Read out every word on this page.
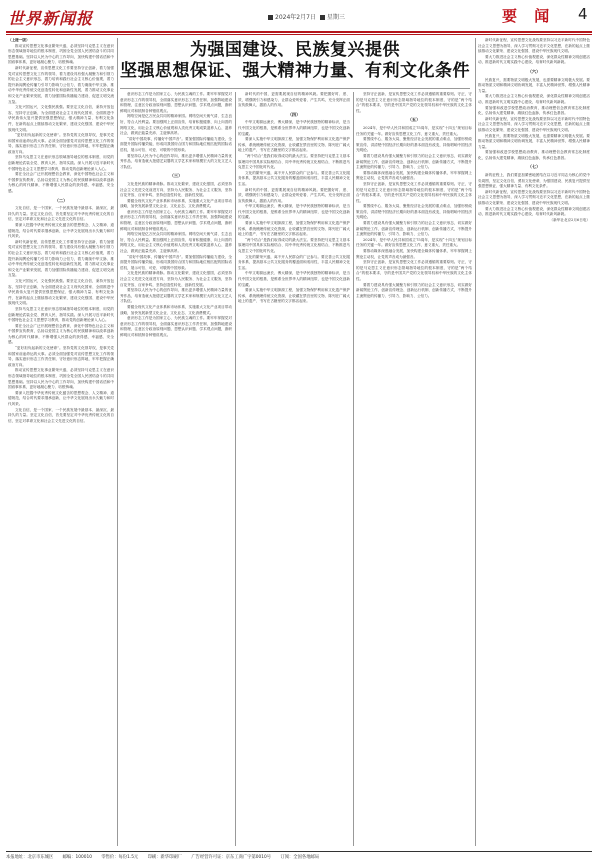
世界新闻报	2024年2月7日 星期三	要 闻 4
为强国建设、民族复兴提供
坚强思想保证、强大精神力量、有利文化条件

（上接一版）

推动宣传思想文化事业繁荣兴盛，必须坚持马克思主义在意识形态领域指导地位的根本制度，巩固全党全国人民团结奋斗的共同思想基础。坚持以人民为中心的工作导向，加快构建中国话语和中国叙事体系，更好地凝心聚力、培根铸魂。

新时代新征程，宣传思想文化工作要坚持守正创新，着力加强党对宣传思想文化工作的领导，着力建设具有强大凝聚力和引领力的社会主义意识形态，着力培育和践行社会主义核心价值观，着力提升新闻舆论传播力引导力影响力公信力，着力赓续中华文脉、推动中华优秀传统文化创造性转化和创新性发展，着力推动文化事业和文化产业繁荣发展，着力加强国际传播能力建设、促进文明交流互鉴。

文化兴国运兴，文化强民族强。要坚定文化自信，秉持开放包容，坚持守正创新，为全面建设社会主义现代化国家、全面推进中华民族伟大复兴提供坚强思想保证、强大精神力量、有利文化条件，在新的起点上继续推动文化繁荣、建设文化强国、建设中华民族现代文明。

“更好担负起新的文化使命”。坚持党的文化领导权，是事关党和国家前途命运的大事。必须全面加强党对宣传思想文化工作的领导，落实意识形态工作责任制，守好意识形态阵地，牢牢把握正确政治方向。

坚持马克思主义在意识形态领域指导地位的根本制度，用党的创新理论武装全党、教育人民、指导实践。深入开展习近平新时代中国特色社会主义思想学习教育，推动党的创新理论深入人心。

要在全社会广泛开展理想信念教育，深化中国特色社会主义和中国梦宣传教育，弘扬以爱国主义为核心的民族精神和以改革创新为核心的时代精神，不断增强人民群众的获得感、幸福感、安全感。

（二）

文化自信，是一个国家、一个民族发展中最基本、最深沉、最持久的力量。坚定文化自信，首先要坚定对中华优秀传统文化的自信，坚定对革命文化和社会主义先进文化的自信。

要深入挖掘中华优秀传统文化蕴含的思想观念、人文精神、道德规范，结合时代要求继承创新，让中华文化展现出永久魅力和时代风采。

新时代新征程，宣传思想文化工作要坚持守正创新，着力加强党对宣传思想文化工作的领导，着力建设具有强大凝聚力和引领力的社会主义意识形态，着力培育和践行社会主义核心价值观，着力提升新闻舆论传播力引导力影响力公信力，着力赓续中华文脉、推动中华优秀传统文化创造性转化和创新性发展，着力推动文化事业和文化产业繁荣发展，着力加强国际传播能力建设、促进文明交流互鉴。

文化兴国运兴，文化强民族强。要坚定文化自信，秉持开放包容，坚持守正创新，为全面建设社会主义现代化国家、全面推进中华民族伟大复兴提供坚强思想保证、强大精神力量、有利文化条件，在新的起点上继续推动文化繁荣、建设文化强国、建设中华民族现代文明。

坚持马克思主义在意识形态领域指导地位的根本制度，用党的创新理论武装全党、教育人民、指导实践。深入开展习近平新时代中国特色社会主义思想学习教育，推动党的创新理论深入人心。

要在全社会广泛开展理想信念教育，深化中国特色社会主义和中国梦宣传教育，弘扬以爱国主义为核心的民族精神和以改革创新为核心的时代精神，不断增强人民群众的获得感、幸福感、安全感。

“更好担负起新的文化使命”。坚持党的文化领导权，是事关党和国家前途命运的大事。必须全面加强党对宣传思想文化工作的领导，落实意识形态工作责任制，守好意识形态阵地，牢牢把握正确政治方向。

推动宣传思想文化事业繁荣兴盛，必须坚持马克思主义在意识形态领域指导地位的根本制度，巩固全党全国人民团结奋斗的共同思想基础。坚持以人民为中心的工作导向，加快构建中国话语和中国叙事体系，更好地凝心聚力、培根铸魂。

要深入挖掘中华优秀传统文化蕴含的思想观念、人文精神、道德规范，结合时代要求继承创新，让中华文化展现出永久魅力和时代风采。

文化自信，是一个国家、一个民族发展中最基本、最深沉、最持久的力量。坚定文化自信，首先要坚定对中华优秀传统文化的自信，坚定对革命文化和社会主义先进文化的自信。

意识形态工作是为国家立心、为民族立魂的工作。要牢牢掌握党对意识形态工作的领导权，全面落实意识形态工作责任制，加强阵地建设和管理，注意区分政治原则问题、思想认识问题、学术观点问题，旗帜鲜明反对和抵制各种错误观点。

网络空间是亿万民众共同的精神家园。网络空间天朗气清、生态良好，符合人民利益。要加强网上正面宣传，培育积极健康、向上向善的网络文化，用社会主义核心价值观和人类优秀文明成果滋养人心、滋养社会，做到正能量充沛、主旋律高昂。

“讲好中国故事，传播好中国声音”。要加强国际传播能力建设，全面提升国际传播效能，形成同我国综合国力和国际地位相匹配的国际话语权，展示可信、可爱、可敬的中国形象。

要坚持以人民为中心的创作导向，推出更多增强人民精神力量的优秀作品，培育造就大批德艺双馨的文学艺术家和规模宏大的文化文艺人才队伍。

（三）

文化是民族的精神命脉。推动文化繁荣、建设文化强国，必须坚持社会主义先进文化前进方向，坚持为人民服务、为社会主义服务，坚持百花齐放、百家争鸣，坚持创造性转化、创新性发展。

要健全现代文化产业体系和市场体系，实施重大文化产业项目带动战略，加快发展新型文化企业、文化业态、文化消费模式。

意识形态工作是为国家立心、为民族立魂的工作。要牢牢掌握党对意识形态工作的领导权，全面落实意识形态工作责任制，加强阵地建设和管理，注意区分政治原则问题、思想认识问题、学术观点问题，旗帜鲜明反对和抵制各种错误观点。

网络空间是亿万民众共同的精神家园。网络空间天朗气清、生态良好，符合人民利益。要加强网上正面宣传，培育积极健康、向上向善的网络文化，用社会主义核心价值观和人类优秀文明成果滋养人心、滋养社会，做到正能量充沛、主旋律高昂。

“讲好中国故事，传播好中国声音”。要加强国际传播能力建设，全面提升国际传播效能，形成同我国综合国力和国际地位相匹配的国际话语权，展示可信、可爱、可敬的中国形象。

文化是民族的精神命脉。推动文化繁荣、建设文化强国，必须坚持社会主义先进文化前进方向，坚持为人民服务、为社会主义服务，坚持百花齐放、百家争鸣，坚持创造性转化、创新性发展。

要坚持以人民为中心的创作导向，推出更多增强人民精神力量的优秀作品，培育造就大批德艺双馨的文学艺术家和规模宏大的文化文艺人才队伍。

要健全现代文化产业体系和市场体系，实施重大文化产业项目带动战略，加快发展新型文化企业、文化业态、文化消费模式。

意识形态工作是为国家立心、为民族立魂的工作。要牢牢掌握党对意识形态工作的领导权，全面落实意识形态工作责任制，加强阵地建设和管理，注意区分政治原则问题、思想认识问题、学术观点问题，旗帜鲜明反对和抵制各种错误观点。

新时代的中国，更需要展现自信的精神风貌。要把握好时、度、效，增强吸引力和感染力，让群众爱听爱看、产生共鸣，充分发挥正面宣传鼓舞人、激励人的作用。

（四）

中华文明源远流长、博大精深，是中华民族独特的精神标识，是当代中国文化的根基，是维系全世界华人的精神纽带，也是中国文化创新的宝藏。

要深入实施中华文明探源工程，加强文物保护利用和文化遗产保护传承，系统梳理传统文化资源，让收藏在禁宫里的文物、陈列在广阔大地上的遗产、书写在古籍里的文字都活起来。

“两个结合”是我们取得成功的最大法宝。要坚持把马克思主义基本原理同中国具体实际相结合、同中华优秀传统文化相结合，不断推进马克思主义中国化时代化。

文化的繁荣兴盛，离不开人民群众的广泛参与。要完善公共文化服务体系，提高基本公共文化服务的覆盖面和适用性，丰富人民精神文化生活。

新时代的中国，更需要展现自信的精神风貌。要把握好时、度、效，增强吸引力和感染力，让群众爱听爱看、产生共鸣，充分发挥正面宣传鼓舞人、激励人的作用。

中华文明源远流长、博大精深，是中华民族独特的精神标识，是当代中国文化的根基，是维系全世界华人的精神纽带，也是中国文化创新的宝藏。

要深入实施中华文明探源工程，加强文物保护利用和文化遗产保护传承，系统梳理传统文化资源，让收藏在禁宫里的文物、陈列在广阔大地上的遗产、书写在古籍里的文字都活起来。

“两个结合”是我们取得成功的最大法宝。要坚持把马克思主义基本原理同中国具体实际相结合、同中华优秀传统文化相结合，不断推进马克思主义中国化时代化。

文化的繁荣兴盛，离不开人民群众的广泛参与。要完善公共文化服务体系，提高基本公共文化服务的覆盖面和适用性，丰富人民精神文化生活。

中华文明源远流长、博大精深，是中华民族独特的精神标识，是当代中国文化的根基，是维系全世界华人的精神纽带，也是中国文化创新的宝藏。

要深入实施中华文明探源工程，加强文物保护利用和文化遗产保护传承，系统梳理传统文化资源，让收藏在禁宫里的文物、陈列在广阔大地上的遗产、书写在古籍里的文字都活起来。

坚持守正创新，是宣传思想文化工作必须遵循的重要原则。守正，守的是马克思主义在意识形态领域指导地位的根本制度，守的是“两个结合”的根本要求，守的是中国共产党的文化领导权和中华民族的文化主体性。

（五）

2024年，是中华人民共和国成立75周年，是实现“十四五”规划目标任务的关键一年。做好宣传思想文化工作，意义重大、责任重大。

要围绕中心、服务大局，聚焦经济社会发展的重点难点，加强形势政策宣传，讲清楚中国经济长期向好的基本面没有改变，持续唱响中国经济光明论。

要着力建设具有强大凝聚力和引领力的社会主义意识形态，切实做好新闻舆论工作，创新宣传理念、创新运行机制、创新传播方式，不断提升主流舆论的传播力、引导力、影响力、公信力。

要推动媒体深度融合发展，加快构建全媒体传播体系，牢牢掌握网上舆论主动权，让党的声音成为最强音。

坚持守正创新，是宣传思想文化工作必须遵循的重要原则。守正，守的是马克思主义在意识形态领域指导地位的根本制度，守的是“两个结合”的根本要求，守的是中国共产党的文化领导权和中华民族的文化主体性。

要围绕中心、服务大局，聚焦经济社会发展的重点难点，加强形势政策宣传，讲清楚中国经济长期向好的基本面没有改变，持续唱响中国经济光明论。

要着力建设具有强大凝聚力和引领力的社会主义意识形态，切实做好新闻舆论工作，创新宣传理念、创新运行机制、创新传播方式，不断提升主流舆论的传播力、引导力、影响力、公信力。

2024年，是中华人民共和国成立75周年，是实现“十四五”规划目标任务的关键一年。做好宣传思想文化工作，意义重大、责任重大。

要推动媒体深度融合发展，加快构建全媒体传播体系，牢牢掌握网上舆论主动权，让党的声音成为最强音。

坚持守正创新，是宣传思想文化工作必须遵循的重要原则。守正，守的是马克思主义在意识形态领域指导地位的根本制度，守的是“两个结合”的根本要求，守的是中国共产党的文化领导权和中华民族的文化主体性。

要着力建设具有强大凝聚力和引领力的社会主义意识形态，切实做好新闻舆论工作，创新宣传理念、创新运行机制、创新传播方式，不断提升主流舆论的传播力、引导力、影响力、公信力。

新时代新征程，宣传思想文化战线要坚持以习近平新时代中国特色社会主义思想为指导，深入学习贯彻习近平文化思想，在新的起点上继续推动文化繁荣、建设文化强国、建设中华民族现代文明。

要大力推进社会主义核心价值观建设，深化群众性精神文明创建活动，推进新时代文明实践中心建设，培育时代新风新貌。

（六）

民族复兴，需要物质文明极大发展，也需要精神文明极大发展。要推动物质文明和精神文明协调发展，丰富人民精神世界，增强人民精神力量。

要大力推进社会主义核心价值观建设，深化群众性精神文明创建活动，推进新时代文明实践中心建设，培育时代新风新貌。

要加强和改进学校思想政治教育，推动理想信念教育常态化制度化，弘扬伟大建党精神，赓续红色血脉，传承红色基因。

新时代新征程，宣传思想文化战线要坚持以习近平新时代中国特色社会主义思想为指导，深入学习贯彻习近平文化思想，在新的起点上继续推动文化繁荣、建设文化强国、建设中华民族现代文明。

民族复兴，需要物质文明极大发展，也需要精神文明极大发展。要推动物质文明和精神文明协调发展，丰富人民精神世界，增强人民精神力量。

要加强和改进学校思想政治教育，推动理想信念教育常态化制度化，弘扬伟大建党精神，赓续红色血脉，传承红色基因。

（七）

新的征程上，我们要更加紧密地团结在以习近平同志为核心的党中央周围，坚定文化自信，勇担文化使命，为强国建设、民族复兴提供坚强思想保证、强大精神力量、有利文化条件。

新时代新征程，宣传思想文化战线要坚持以习近平新时代中国特色社会主义思想为指导，深入学习贯彻习近平文化思想，在新的起点上继续推动文化繁荣、建设文化强国、建设中华民族现代文明。

要大力推进社会主义核心价值观建设，深化群众性精神文明创建活动，推进新时代文明实践中心建设，培育时代新风新貌。

（新华社北京2月6日电）

本报地址：北京市东城区 邮编：100010 零售价：每份1.5元 印刷：新华印刷厂 广告经营许可证：京东工商广字第0010号 订阅：全国各地邮局
